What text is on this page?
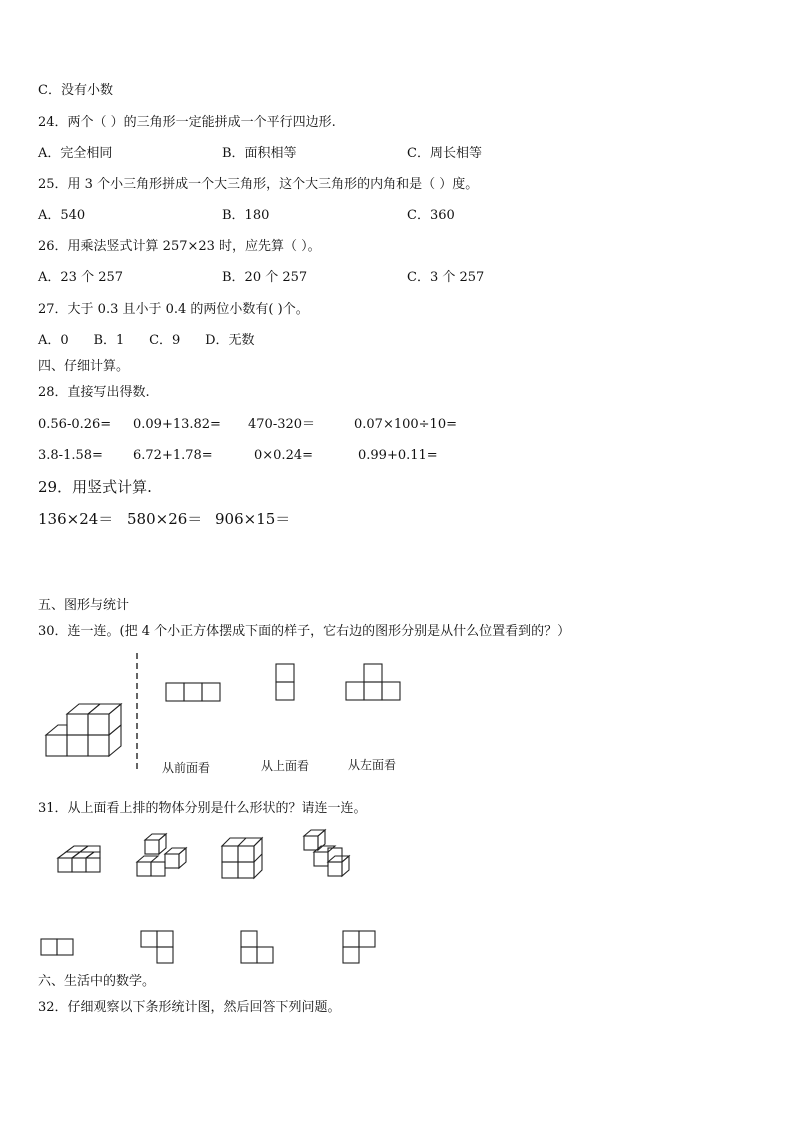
C．没有小数
24．两个（ ）的三角形一定能拼成一个平行四边形.
A．完全相同	B．面积相等	C．周长相等
25．用 3 个小三角形拼成一个大三角形，这个大三角形的内角和是（ ）度。
A．540	B．180	C．360
26．用乘法竖式计算 257×23 时，应先算（ ）。
A．23 个 257	B．20 个 257	C．3 个 257
27．大于 0.3 且小于 0.4 的两位小数有( )个。
A．0      B．1      C．9      D．无数
四、仔细计算。
28．直接写出得数.
0.56-0.26= 0.09+13.82= 470-320＝	0.07×100÷10=
3.8-1.58= 6.72+1.78=	0×0.24=	0.99+0.11=
29．用竖式计算.
136×24＝ 580×26＝ 906×15＝
五、图形与统计
30．连一连。(把 4 个小正方体摆成下面的样子，它右边的图形分别是从什么位置看到的？）
从前面看	从上面看	从左面看
31．从上面看上排的物体分别是什么形状的？请连一连。
六、生活中的数学。
32．仔细观察以下条形统计图，然后回答下列问题。
